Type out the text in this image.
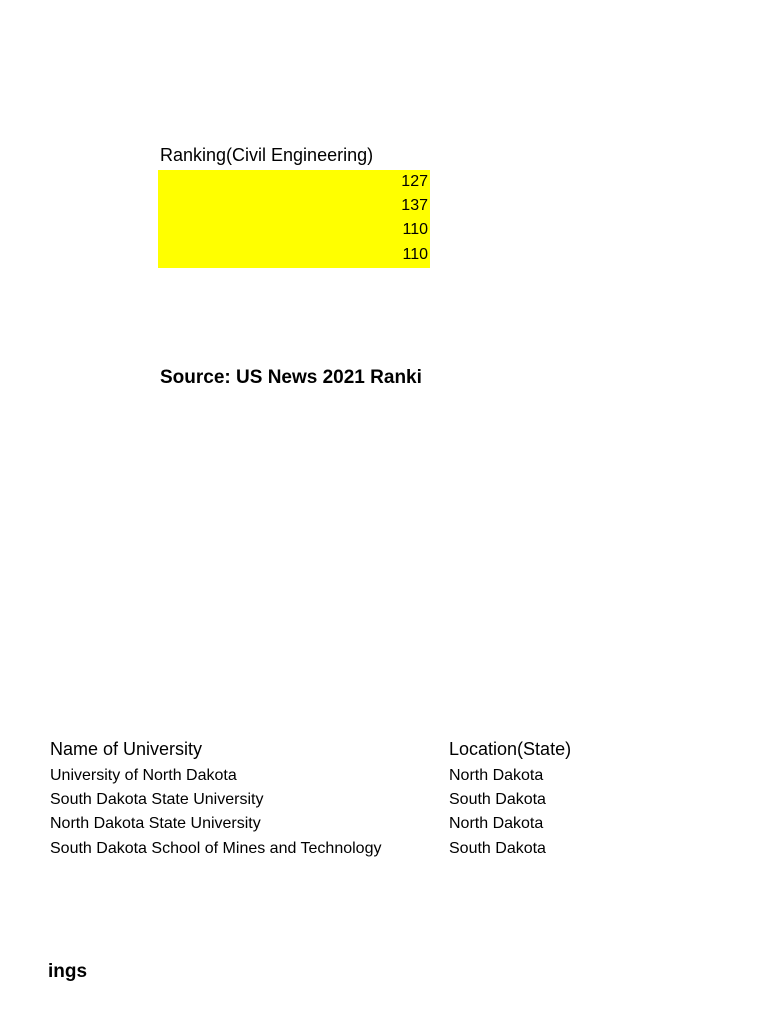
Ranking(Civil Engineering)
127
137
110
110
Source: US News 2021 Ranki
Name of University	Location(State)
University of North Dakota	North Dakota
South Dakota State University	South Dakota
North Dakota State University	North Dakota
South Dakota School of Mines and Technology	South Dakota
ings
